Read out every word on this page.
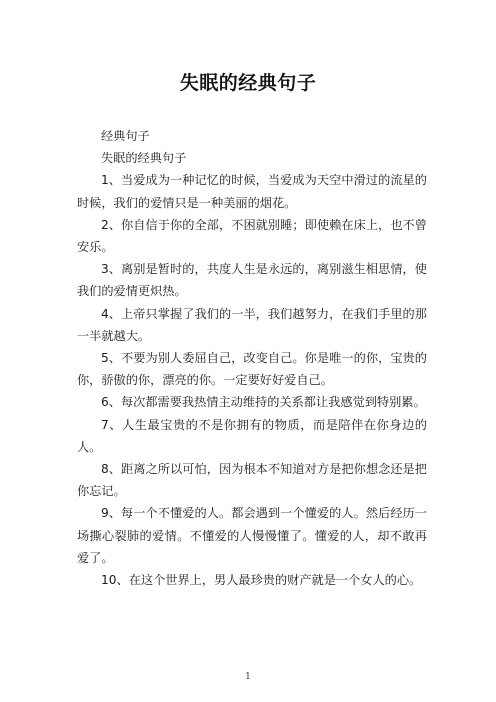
失眠的经典句子

经典句子

失眠的经典句子

1、当爱成为一种记忆的时候，当爱成为天空中滑过的流星的时候，我们的爱情只是一种美丽的烟花。

2、你自信于你的全部，不困就别睡；即使赖在床上，也不曾安乐。

3、离别是暂时的，共度人生是永远的，离别滋生相思情，使我们的爱情更炽热。

4、上帝只掌握了我们的一半，我们越努力，在我们手里的那一半就越大。

5、不要为别人委屈自己，改变自己。你是唯一的你，宝贵的你，骄傲的你，漂亮的你。一定要好好爱自己。

6、每次都需要我热情主动维持的关系都让我感觉到特别累。

7、人生最宝贵的不是你拥有的物质，而是陪伴在你身边的人。

8、距离之所以可怕，因为根本不知道对方是把你想念还是把你忘记。

9、每一个不懂爱的人。都会遇到一个懂爱的人。然后经历一场撕心裂肺的爱情。不懂爱的人慢慢懂了。懂爱的人，却不敢再爱了。

10、在这个世界上，男人最珍贵的财产就是一个女人的心。

1
